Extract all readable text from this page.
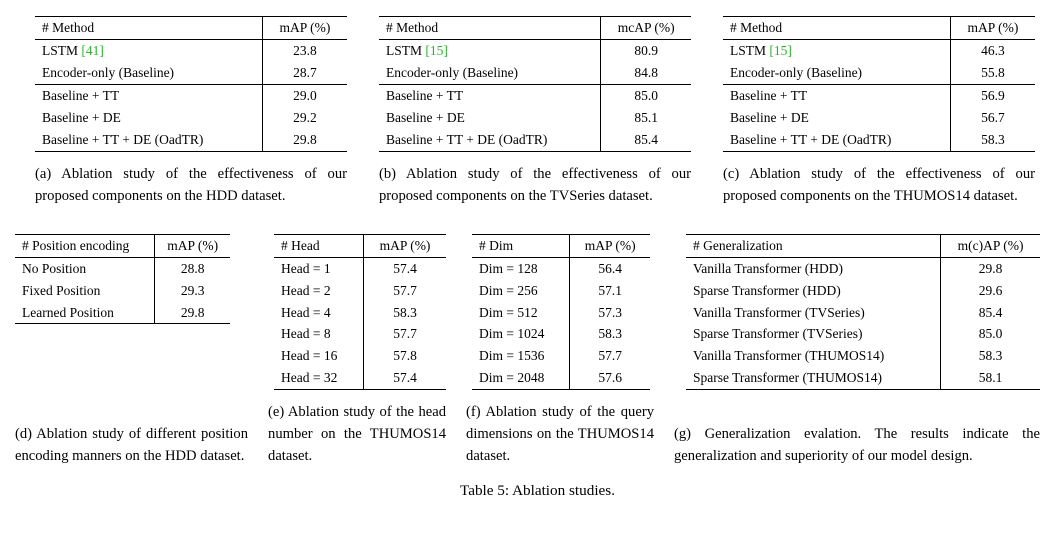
# Method	mAP (%)
LSTM [41]	23.8
Encoder-only (Baseline)	28.7
Baseline + TT	29.0
Baseline + DE	29.2
Baseline + TT + DE (OadTR)	29.8
(a) Ablation study of the effectiveness of our proposed components on the HDD dataset.
# Method	mcAP (%)
LSTM [15]	80.9
Encoder-only (Baseline)	84.8
Baseline + TT	85.0
Baseline + DE	85.1
Baseline + TT + DE (OadTR)	85.4
(b) Ablation study of the effectiveness of our proposed components on the TVSeries dataset.
# Method	mAP (%)
LSTM [15]	46.3
Encoder-only (Baseline)	55.8
Baseline + TT	56.9
Baseline + DE	56.7
Baseline + TT + DE (OadTR)	58.3
(c) Ablation study of the effectiveness of our proposed components on the THUMOS14 dataset.
# Position encoding	mAP (%)
No Position	28.8
Fixed Position	29.3
Learned Position	29.8
(d) Ablation study of different position encoding manners on the HDD dataset.
# Head	mAP (%)
Head = 1	57.4
Head = 2	57.7
Head = 4	58.3
Head = 8	57.7
Head = 16	57.8
Head = 32	57.4
(e) Ablation study of the head number on the THUMOS14 dataset.
# Dim	mAP (%)
Dim = 128	56.4
Dim = 256	57.1
Dim = 512	57.3
Dim = 1024	58.3
Dim = 1536	57.7
Dim = 2048	57.6
(f) Ablation study of the query dimensions on the THUMOS14 dataset.
# Generalization	m(c)AP (%)
Vanilla Transformer (HDD)	29.8
Sparse Transformer (HDD)	29.6
Vanilla Transformer (TVSeries)	85.4
Sparse Transformer (TVSeries)	85.0
Vanilla Transformer (THUMOS14)	58.3
Sparse Transformer (THUMOS14)	58.1
(g) Generalization evalation. The results indicate the generalization and superiority of our model design.
Table 5: Ablation studies.
